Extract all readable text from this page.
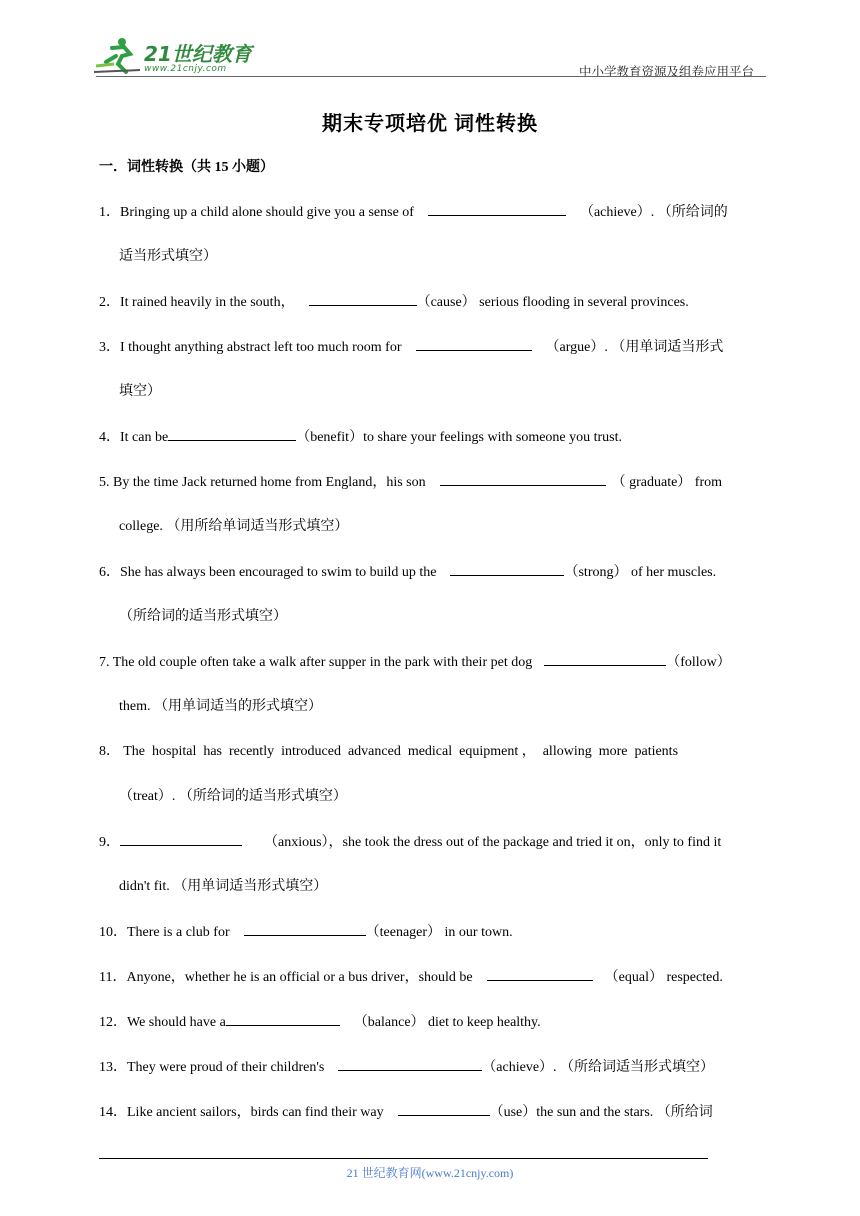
21世纪教育
www.21cnjy.com	中小学教育资源及组卷应用平台
期末专项培优 词性转换
一．词性转换（共 15 小题）
1．Bringing up a child alone should give you a sense of	（achieve）. （所给词的
适当形式填空）
2．It rained heavily in the south，	（cause） serious flooding in several provinces.
3．I thought anything abstract left too much room for	（argue）. （用单词适当形式
填空）
4．It can be	（benefit）to share your feelings with someone you trust.
5. By the time Jack returned home from England，his son	（ graduate） from
college. （用所给单词适当形式填空）
6．She has always been encouraged to swim to build up the	（strong） of her muscles.
（所给词的适当形式填空）
7. The old couple often take a walk after supper in the park with their pet dog	（follow）
them. （用单词适当的形式填空）
8． The  hospital  has  recently  introduced  advanced  medical  equipment ，  allowing  more  patients
（treat）. （所给词的适当形式填空）
9．	（anxious），she took the dress out of the package and tried it on，only to find it
didn't fit. （用单词适当形式填空）
10．There is a club for	（teenager） in our town.
11．Anyone，whether he is an official or a bus driver，should be	（equal） respected.
12．We should have a	（balance） diet to keep healthy.
13．They were proud of their children's	（achieve）. （所给词适当形式填空）
14．Like ancient sailors，birds can find their way	（use）the sun and the stars. （所给词
21 世纪教育网(www.21cnjy.com)
